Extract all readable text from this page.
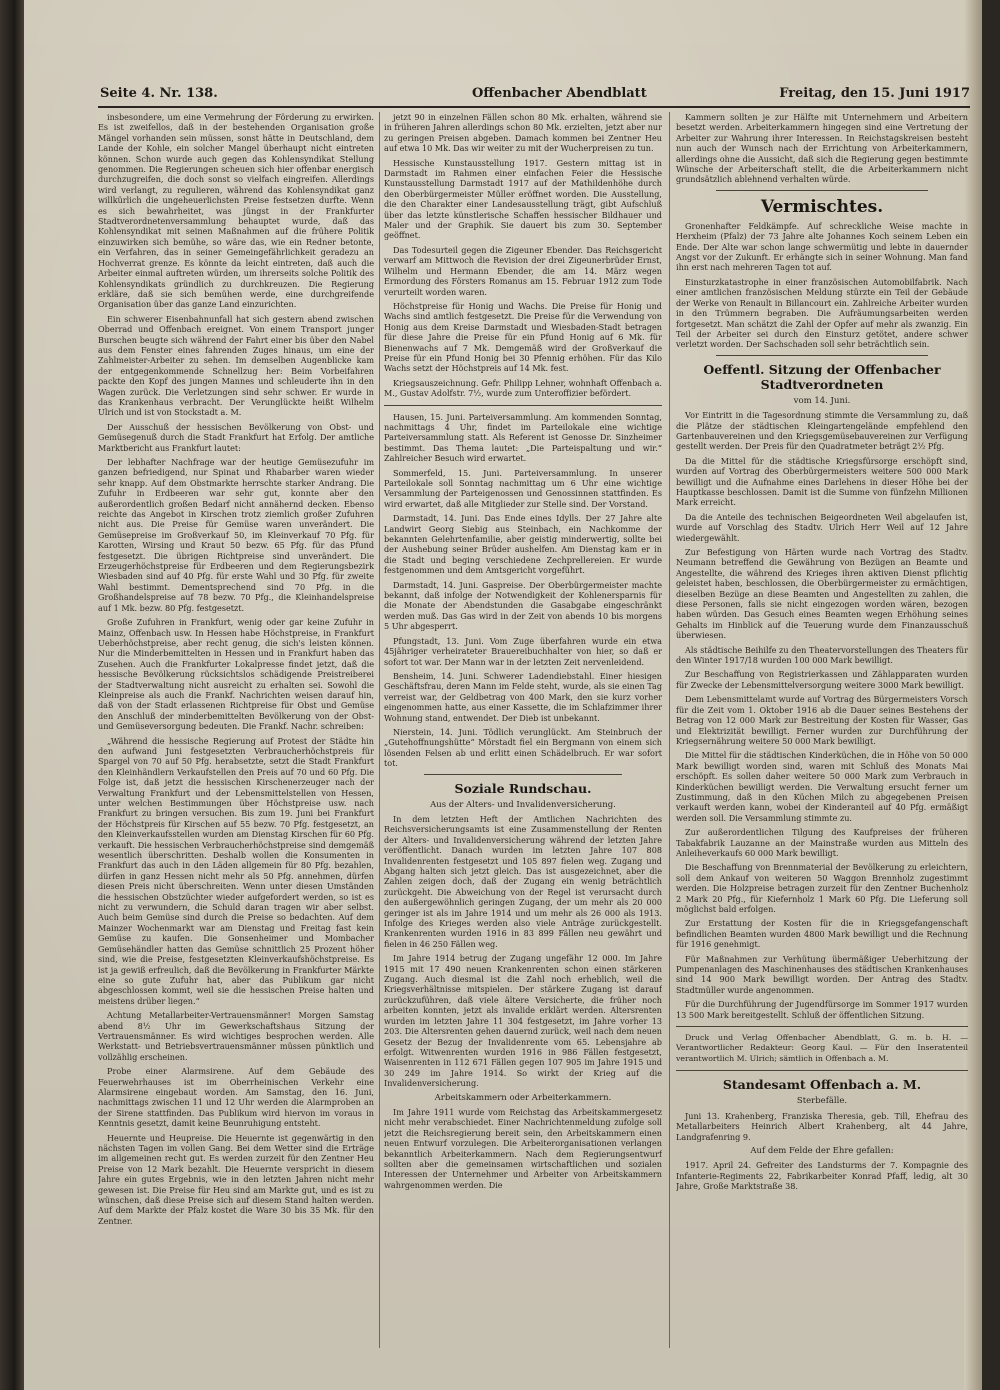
Seite 4. Nr. 138.	Offenbacher Abendblatt	Freitag, den 15. Juni 1917

insbesondere, um eine Vermehrung der Förderung zu erwirken. Es ist zweifellos, daß in der bestehenden Organisation große Mängel vorhanden sein müssen, sonst hätte in Deutschland, dem Lande der Kohle, ein solcher Mangel überhaupt nicht eintreten können. Schon wurde auch gegen das Kohlensyndikat Stellung genommen. Die Regierungen scheuen sich hier offenbar energisch durchzugreifen, die doch sonst so vielfach eingreifen. Allerdings wird verlangt, zu regulieren, während das Kohlensyndikat ganz willkürlich die ungeheuerlichsten Preise festsetzen durfte. Wenn es sich bewahrheitet, was jüngst in der Frankfurter Stadtverordnetenversammlung behauptet wurde, daß das Kohlensyndikat mit seinen Maßnahmen auf die frühere Politik einzuwirken sich bemühe, so wäre das, wie ein Redner betonte, ein Verfahren, das in seiner Gemeingefährlichkeit geradezu an Hochverrat grenze. Es könnte da leicht eintreten, daß auch die Arbeiter einmal auftreten würden, um ihrerseits solche Politik des Kohlensyndikats gründlich zu durchkreuzen. Die Regierung erkläre, daß sie sich bemühen werde, eine durchgreifende Organisation über das ganze Land einzurichten.

Ein schwerer Eisenbahnunfall hat sich gestern abend zwischen Oberrad und Offenbach ereignet. Von einem Transport junger Burschen beugte sich während der Fahrt einer bis über den Nabel aus dem Fenster eines fahrenden Zuges hinaus, um eine der Zahlmeister-Arbeiter zu sehen. Im demselben Augenblicke kam der entgegenkommende Schnellzug her: Beim Vorbeifahren packte den Kopf des jungen Mannes und schleuderte ihn in den Wagen zurück. Die Verletzungen sind sehr schwer. Er wurde in das Krankenhaus verbracht. Der Verunglückte heißt Wilhelm Ulrich und ist von Stockstadt a. M.

Der Ausschuß der hessischen Bevölkerung von Obst- und Gemüsegenuß durch die Stadt Frankfurt hat Erfolg. Der amtliche Marktbericht aus Frankfurt lautet:

Der lebhafter Nachfrage war der heutige Gemüsezufuhr im ganzen befriedigend, nur Spinat und Rhabarber waren wieder sehr knapp. Auf dem Obstmarkte herrschte starker Andrang. Die Zufuhr in Erdbeeren war sehr gut, konnte aber den außerordentlich großen Bedarf nicht annähernd decken. Ebenso reichte das Angebot in Kirschen trotz ziemlich großer Zufuhren nicht aus. Die Preise für Gemüse waren unverändert. Die Gemüsepreise im Großverkauf 50, im Kleinverkauf 70 Pfg. für Karotten, Wirsing und Kraut 50 bezw. 65 Pfg. für das Pfund festgesetzt. Die übrigen Richtpreise sind unverändert. Die Erzeugerhöchstpreise für Erdbeeren und dem Regierungsbezirk Wiesbaden sind auf 40 Pfg. für erste Wahl und 30 Pfg. für zweite Wahl bestimmt. Dementsprechend sind 70 Pfg. in die Großhandelspreise auf 78 bezw. 70 Pfg., die Kleinhandelspreise auf 1 Mk. bezw. 80 Pfg. festgesetzt.

Große Zufuhren in Frankfurt, wenig oder gar keine Zufuhr in Mainz, Offenbach usw. In Hessen habe Höchstpreise, in Frankfurt Ueberhöchstpreise, aber recht genug, die sich's leisten können. Nur die Minderbemittelten in Hessen und in Frankfurt haben das Zusehen. Auch die Frankfurter Lokalpresse findet jetzt, daß die hessische Bevölkerung rücksichtslos schädigende Preistreiberei der Stadtverwaltung nicht ausreicht zu erhalten sei. Sowohl die Kleinpreise als auch die Frankf. Nachrichten weisen darauf hin, daß von der Stadt erlassenen Richtpreise für Obst und Gemüse den Anschluß der minderbemittelten Bevölkerung von der Obst- und Gemüseversorgung bedeuten. Die Frankf. Nachr. schreiben:

„Während die hessische Regierung auf Protest der Städte hin den aufwand Juni festgesetzten Verbraucherhöchstpreis für Spargel von 70 auf 50 Pfg. herabsetzte, setzt die Stadt Frankfurt den Kleinhändlern Verkaufstellen den Preis auf 70 und 60 Pfg. Die Folge ist, daß jetzt die hessischen Kirschenerzeuger nach der Verwaltung Frankfurt und der Lebensmittelstellen von Hessen, unter welchen Bestimmungen über Höchstpreise usw. nach Frankfurt zu bringen versuchen. Bis zum 19. Juni bei Frankfurt der Höchstpreis für Kirschen auf 55 bezw. 70 Pfg. festgesetzt, an den Kleinverkaufsstellen wurden am Dienstag Kirschen für 60 Pfg. verkauft. Die hessischen Verbraucherhöchstpreise sind demgemäß wesentlich überschritten. Deshalb wollen die Konsumenten in Frankfurt das auch in den Läden allgemein für 80 Pfg. bezahlen, dürfen in ganz Hessen nicht mehr als 50 Pfg. annehmen, dürfen diesen Preis nicht überschreiten. Wenn unter diesen Umständen die hessischen Obstzüchter wieder aufgefordert werden, so ist es nicht zu verwundern, die Schuld daran tragen wir aber selbst. Auch beim Gemüse sind durch die Preise so bedachten. Auf dem Mainzer Wochenmarkt war am Dienstag und Freitag fast kein Gemüse zu kaufen. Die Gonsenheimer und Mombacher Gemüsehändler hatten das Gemüse schnittlich 25 Prozent höher sind, wie die Preise, festgesetzten Kleinverkaufshöchstpreise. Es ist ja gewiß erfreulich, daß die Bevölkerung in Frankfurter Märkte eine so gute Zufuhr hat, aber das Publikum gar nicht abgeschlossen kommt, weil sie die hessischen Preise halten und meistens drüber liegen.“

Achtung Metallarbeiter-Vertrauensmänner! Morgen Samstag abend 8½ Uhr im Gewerkschaftshaus Sitzung der Vertrauensmänner. Es wird wichtiges besprochen werden. Alle Werkstatt- und Betriebsvertrauensmänner müssen pünktlich und vollzählig erscheinen.

Probe einer Alarmsirene. Auf dem Gebäude des Feuerwehrhauses ist im Oberrheinischen Verkehr eine Alarmsirene eingebaut worden. Am Samstag, den 16. Juni, nachmittags zwischen 11 und 12 Uhr werden die Alarmproben an der Sirene stattfinden. Das Publikum wird hiervon im voraus in Kenntnis gesetzt, damit keine Beunruhigung entsteht.

Heuernte und Heupreise. Die Heuernte ist gegenwärtig in den nächsten Tagen im vollen Gang. Bei dem Wetter sind die Erträge im allgemeinen recht gut. Es werden zurzeit für den Zentner Heu Preise von 12 Mark bezahlt. Die Heuernte verspricht in diesem Jahre ein gutes Ergebnis, wie in den letzten Jahren nicht mehr gewesen ist. Die Preise für Heu sind am Markte gut, und es ist zu wünschen, daß diese Preise sich auf diesem Stand halten werden. Auf dem Markte der Pfalz kostet die Ware 30 bis 35 Mk. für den Zentner.

jetzt 90 in einzelnen Fällen schon 80 Mk. erhalten, während sie in früheren Jahren allerdings schon 80 Mk. erzielten, jetzt aber nur zu geringen Preisen abgeben. Damach kommen bei Zentner Heu auf etwa 10 Mk. Das wir weiter zu mit der Wucherpreisen zu tun.

Hessische Kunstausstellung 1917. Gestern mittag ist in Darmstadt im Rahmen einer einfachen Feier die Hessische Kunstausstellung Darmstadt 1917 auf der Mathildenhöhe durch den Oberbürgermeister Müller eröffnet worden. Die Ausstellung, die den Charakter einer Landesausstellung trägt, gibt Aufschluß über das letzte künstlerische Schaffen hessischer Bildhauer und Maler und der Graphik. Sie dauert bis zum 30. September geöffnet.

Das Todesurteil gegen die Zigeuner Ebender. Das Reichsgericht verwarf am Mittwoch die Revision der drei Zigeunerbrüder Ernst, Wilhelm und Hermann Ebender, die am 14. März wegen Ermordung des Försters Romanus am 15. Februar 1912 zum Tode verurteilt worden waren.

Höchstpreise für Honig und Wachs. Die Preise für Honig und Wachs sind amtlich festgesetzt. Die Preise für die Verwendung von Honig aus dem Kreise Darmstadt und Wiesbaden-Stadt betragen für diese Jahre die Preise für ein Pfund Honig auf 6 Mk. für Bienenwachs auf 7 Mk. Demgemäß wird der Großverkauf die Preise für ein Pfund Honig bei 30 Pfennig erhöhen. Für das Kilo Wachs setzt der Höchstpreis auf 14 Mk. fest.

Kriegsauszeichnung. Gefr. Philipp Lehner, wohnhaft Offenbach a. M., Gustav Adolfstr. 7½, wurde zum Unteroffizier befördert.

Hausen, 15. Juni. Parteiversammlung. Am kommenden Sonntag, nachmittags 4 Uhr, findet im Parteilokale eine wichtige Parteiversammlung statt. Als Referent ist Genosse Dr. Sinzheimer bestimmt. Das Thema lautet: „Die Parteispaltung und wir.“ Zahlreicher Besuch wird erwartet.

Sommerfeld, 15. Juni. Parteiversammlung. In unserer Parteilokale soll Sonntag nachmittag um 6 Uhr eine wichtige Versammlung der Parteigenossen und Genossinnen stattfinden. Es wird erwartet, daß alle Mitglieder zur Stelle sind. Der Vorstand.

Darmstadt, 14. Juni. Das Ende eines Idylls. Der 27 Jahre alte Landwirt Georg Siebig aus Steinbach, ein Nachkomme der bekannten Gelehrtenfamilie, aber geistig minderwertig, sollte bei der Aushebung seiner Brüder aushelfen. Am Dienstag kam er in die Stadt und beging verschiedene Zechprellereien. Er wurde festgenommen und dem Amtsgericht vorgeführt.

Darmstadt, 14. Juni. Gaspreise. Der Oberbürgermeister machte bekannt, daß infolge der Notwendigkeit der Kohlenersparnis für die Monate der Abendstunden die Gasabgabe eingeschränkt werden muß. Das Gas wird in der Zeit von abends 10 bis morgens 5 Uhr abgesperrt.

Pfungstadt, 13. Juni. Vom Zuge überfahren wurde ein etwa 45jähriger verheirateter Brauereibuchhalter von hier, so daß er sofort tot war. Der Mann war in der letzten Zeit nervenleidend.

Bensheim, 14. Juni. Schwerer Ladendiebstahl. Einer hiesigen Geschäftsfrau, deren Mann im Felde steht, wurde, als sie einen Tag verreist war, der Geldbetrag von 400 Mark, den sie kurz vorher eingenommen hatte, aus einer Kassette, die im Schlafzimmer ihrer Wohnung stand, entwendet. Der Dieb ist unbekannt.

Nierstein, 14. Juni. Tödlich verunglückt. Am Steinbruch der „Gutehoffnungshütte“ Mörstadt fiel ein Bergmann von einem sich lösenden Felsen ab und erlitt einen Schädelbruch. Er war sofort tot.

Soziale Rundschau.
Aus der Alters- und Invalidenversicherung.

In dem letzten Heft der Amtlichen Nachrichten des Reichsversicherungsamts ist eine Zusammenstellung der Renten der Alters- und Invalidenversicherung während der letzten Jahre veröffentlicht. Danach wurden im letzten Jahre 107 808 Invalidenrenten festgesetzt und 105 897 fielen weg. Zugang und Abgang halten sich jetzt gleich. Das ist ausgezeichnet, aber die Zahlen zeigen doch, daß der Zugang ein wenig beträchtlich zurückgeht. Die Abweichung von der Regel ist verursacht durch den außergewöhnlich geringen Zugang, der um mehr als 20 000 geringer ist als im Jahre 1914 und um mehr als 26 000 als 1913. Infolge des Krieges werden also viele Anträge zurückgestellt. Krankenrenten wurden 1916 in 83 899 Fällen neu gewährt und fielen in 46 250 Fällen weg.

Im Jahre 1914 betrug der Zugang ungefähr 12 000. Im Jahre 1915 mit 17 490 neuen Krankenrenten schon einen stärkeren Zugang. Auch diesmal ist die Zahl noch erheblich, weil die Kriegsverhältnisse mitspielen. Der stärkere Zugang ist darauf zurückzuführen, daß viele ältere Versicherte, die früher noch arbeiten konnten, jetzt als invalide erklärt werden. Altersrenten wurden im letzten Jahre 11 304 festgesetzt, im Jahre vorher 13 203. Die Altersrenten gehen dauernd zurück, weil nach dem neuen Gesetz der Bezug der Invalidenrente vom 65. Lebensjahre ab erfolgt. Witwenrenten wurden 1916 in 986 Fällen festgesetzt, Waisenrenten in 112 671 Fällen gegen 107 905 im Jahre 1915 und 30 249 im Jahre 1914. So wirkt der Krieg auf die Invalidenversicherung.

Arbeitskammern oder Arbeiterkammern.

Im Jahre 1911 wurde vom Reichstag das Arbeitskammergesetz nicht mehr verabschiedet. Einer Nachrichtenmeldung zufolge soll jetzt die Reichsregierung bereit sein, den Arbeitskammern einen neuen Entwurf vorzulegen. Die Arbeiterorganisationen verlangen bekanntlich Arbeiterkammern. Nach dem Regierungsentwurf sollten aber die gemeinsamen wirtschaftlichen und sozialen Interessen der Unternehmer und Arbeiter von Arbeitskammern wahrgenommen werden. Die

Kammern sollten je zur Hälfte mit Unternehmern und Arbeitern besetzt werden. Arbeiterkammern hingegen sind eine Vertretung der Arbeiter zur Wahrung ihrer Interessen. In Reichstagskreisen besteht nun auch der Wunsch nach der Errichtung von Arbeiterkammern, allerdings ohne die Aussicht, daß sich die Regierung gegen bestimmte Wünsche der Arbeiterschaft stellt, die die Arbeiterkammern nicht grundsätzlich ablehnend verhalten würde.

Vermischtes.

Gronenhafter Feldkämpfe. Auf schreckliche Weise machte in Herxheim (Pfalz) der 73 Jahre alte Johannes Koch seinem Leben ein Ende. Der Alte war schon lange schwermütig und lebte in dauernder Angst vor der Zukunft. Er erhängte sich in seiner Wohnung. Man fand ihn erst nach mehreren Tagen tot auf.

Einsturzkatastrophe in einer französischen Automobilfabrik. Nach einer amtlichen französischen Meldung stürzte ein Teil der Gebäude der Werke von Renault in Billancourt ein. Zahlreiche Arbeiter wurden in den Trümmern begraben. Die Aufräumungsarbeiten werden fortgesetzt. Man schätzt die Zahl der Opfer auf mehr als zwanzig. Ein Teil der Arbeiter sei durch den Einsturz getötet, andere schwer verletzt worden. Der Sachschaden soll sehr beträchtlich sein.

Oeffentl. Sitzung der Offenbacher Stadtverordneten
vom 14. Juni.

Vor Eintritt in die Tagesordnung stimmte die Versammlung zu, daß die Plätze der städtischen Kleingartengelände empfehlend den Gartenbauvereinen und den Kriegsgemüsebauvereinen zur Verfügung gestellt werden. Der Preis für den Quadratmeter beträgt 2½ Pfg.

Da die Mittel für die städtische Kriegsfürsorge erschöpft sind, wurden auf Vortrag des Oberbürgermeisters weitere 500 000 Mark bewilligt und die Aufnahme eines Darlehens in dieser Höhe bei der Hauptkasse beschlossen. Damit ist die Summe von fünfzehn Millionen Mark erreicht.

Da die Anteile des technischen Beigeordneten Weil abgelaufen ist, wurde auf Vorschlag des Stadtv. Ulrich Herr Weil auf 12 Jahre wiedergewählt.

Zur Befestigung von Härten wurde nach Vortrag des Stadtv. Neumann betreffend die Gewährung von Bezügen an Beamte und Angestellte, die während des Krieges ihren aktiven Dienst pflichtig geleistet haben, beschlossen, die Oberbürgermeister zu ermächtigen, dieselben Bezüge an diese Beamten und Angestellten zu zahlen, die diese Personen, falls sie nicht eingezogen worden wären, bezogen haben würden. Das Gesuch eines Beamten wegen Erhöhung seines Gehalts im Hinblick auf die Teuerung wurde dem Finanzausschuß überwiesen.

Als städtische Beihilfe zu den Theatervorstellungen des Theaters für den Winter 1917/18 wurden 100 000 Mark bewilligt.

Zur Beschaffung von Registrierkassen und Zählapparaten wurden für Zwecke der Lebensmittelversorgung weitere 3000 Mark bewilligt.

Dem Lebensmittelamt wurde auf Vortrag des Bürgermeisters Vorsch für die Zeit vom 1. Oktober 1916 ab die Dauer seines Bestehens der Betrag von 12 000 Mark zur Bestreitung der Kosten für Wasser, Gas und Elektrizität bewilligt. Ferner wurden zur Durchführung der Kriegsernährung weitere 50 000 Mark bewilligt.

Die Mittel für die städtischen Kinderküchen, die in Höhe von 50 000 Mark bewilligt worden sind, waren mit Schluß des Monats Mai erschöpft. Es sollen daher weitere 50 000 Mark zum Verbrauch in Kinderküchen bewilligt werden. Die Verwaltung ersucht ferner um Zustimmung, daß in den Küchen Milch zu abgegebenen Preisen verkauft werden kann, wobei der Kinderanteil auf 40 Pfg. ermäßigt werden soll. Die Versammlung stimmte zu.

Zur außerordentlichen Tilgung des Kaufpreises der früheren Tabakfabrik Lauzanne an der Mainstraße wurden aus Mitteln des Anleiheverkaufs 60 000 Mark bewilligt.

Die Beschaffung von Brennmaterial der Bevölkerung zu erleichtern, soll dem Ankauf von weiteren 50 Waggon Brennholz zugestimmt werden. Die Holzpreise betragen zurzeit für den Zentner Buchenholz 2 Mark 20 Pfg., für Kiefernholz 1 Mark 60 Pfg. Die Lieferung soll möglichst bald erfolgen.

Zur Erstattung der Kosten für die in Kriegsgefangenschaft befindlichen Beamten wurden 4800 Mark bewilligt und die Rechnung für 1916 genehmigt.

Für Maßnahmen zur Verhütung übermäßiger Ueberhitzung der Pumpenanlagen des Maschinenhauses des städtischen Krankenhauses sind 14 900 Mark bewilligt worden. Der Antrag des Stadtv. Stadtmüller wurde angenommen.

Für die Durchführung der Jugendfürsorge im Sommer 1917 wurden 13 500 Mark bereitgestellt. Schluß der öffentlichen Sitzung.

Druck und Verlag Offenbacher Abendblatt, G. m. b. H. — Verantwortlicher Redakteur: Georg Kaul. — Für den Inseratenteil verantwortlich M. Ulrich; sämtlich in Offenbach a. M.

Standesamt Offenbach a. M.
Sterbefälle.

Juni 13. Krahenberg, Franziska Theresia, geb. Till, Ehefrau des Metallarbeiters Heinrich Albert Krahenberg, alt 44 Jahre, Landgrafenring 9.

Auf dem Felde der Ehre gefallen:

1917. April 24. Gefreiter des Landsturms der 7. Kompagnie des Infanterie-Regiments 22, Fabrikarbeiter Konrad Pfaff, ledig, alt 30 Jahre, Große Marktstraße 38.
